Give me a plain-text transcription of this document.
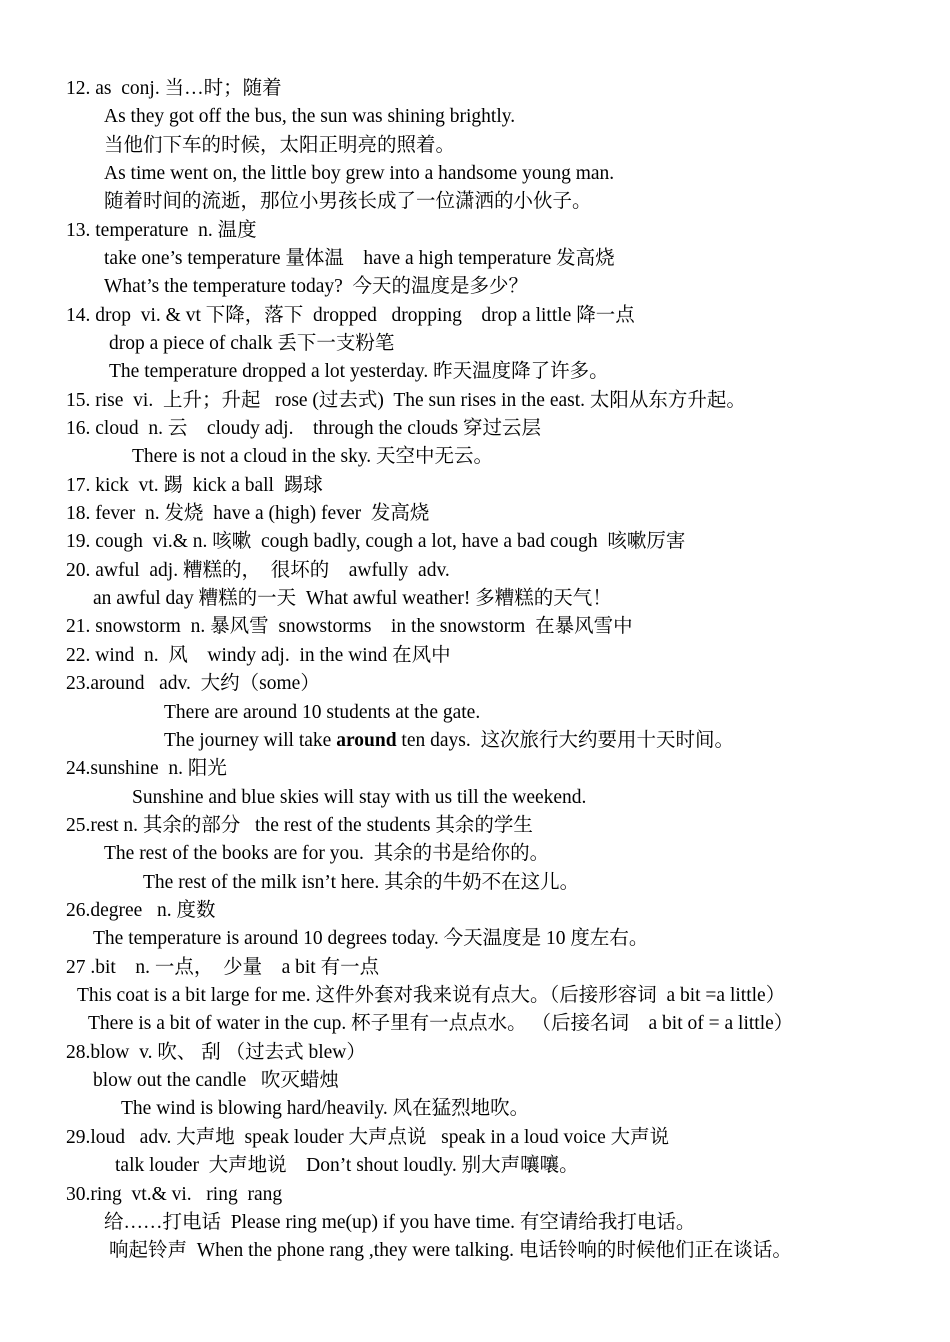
12. as  conj. 当…时；随着
As they got off the bus, the sun was shining brightly.
当他们下车的时候，太阳正明亮的照着。
As time went on, the little boy grew into a handsome young man.
随着时间的流逝，那位小男孩长成了一位潇洒的小伙子。
13. temperature  n. 温度
take one’s temperature 量体温    have a high temperature 发高烧
What’s the temperature today?  今天的温度是多少？
14. drop  vi. & vt 下降，落下  dropped   dropping    drop a little 降一点
drop a piece of chalk 丢下一支粉笔
The temperature dropped a lot yesterday. 昨天温度降了许多。
15. rise  vi.  上升；升起   rose (过去式)  The sun rises in the east. 太阳从东方升起。
16. cloud  n. 云    cloudy adj.    through the clouds 穿过云层
There is not a cloud in the sky. 天空中无云。
17. kick  vt. 踢  kick a ball  踢球
18. fever  n. 发烧  have a (high) fever  发高烧
19. cough  vi.& n. 咳嗽  cough badly, cough a lot, have a bad cough  咳嗽厉害
20. awful  adj. 糟糕的，  很坏的    awfully  adv.
an awful day 糟糕的一天  What awful weather! 多糟糕的天气！
21. snowstorm  n. 暴风雪  snowstorms    in the snowstorm  在暴风雪中
22. wind  n.  风    windy adj.  in the wind 在风中
23.around   adv.  大约（some）
There are around 10 students at the gate.
The journey will take around ten days.  这次旅行大约要用十天时间。
24.sunshine  n. 阳光
Sunshine and blue skies will stay with us till the weekend.
25.rest n. 其余的部分   the rest of the students 其余的学生
The rest of the books are for you.  其余的书是给你的。
The rest of the milk isn’t here. 其余的牛奶不在这儿。
26.degree   n. 度数
The temperature is around 10 degrees today. 今天温度是 10 度左右。
27 .bit    n. 一点，  少量    a bit 有一点
This coat is a bit large for me. 这件外套对我来说有点大。（后接形容词  a bit =a little）
There is a bit of water in the cup. 杯子里有一点点水。 （后接名词    a bit of = a little）
28.blow  v. 吹、 刮 （过去式 blew）
blow out the candle   吹灭蜡烛
The wind is blowing hard/heavily. 风在猛烈地吹。
29.loud   adv. 大声地  speak louder 大声点说   speak in a loud voice 大声说
talk louder  大声地说    Don’t shout loudly. 别大声嚷嚷。
30.ring  vt.& vi.   ring  rang
给……打电话  Please ring me(up) if you have time. 有空请给我打电话。
响起铃声  When the phone rang ,they were talking. 电话铃响的时候他们正在谈话。
